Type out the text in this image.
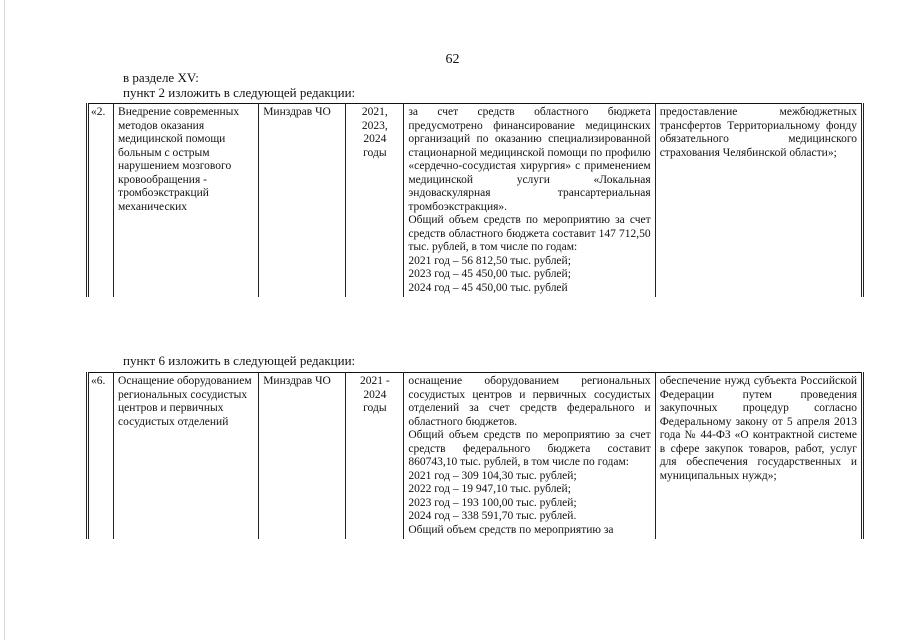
62
в разделе XV:
пункт 2 изложить в следующей редакции:
«2.	Внедрение современных методов оказания медицинской помощи больным с острым нарушением мозгового кровообращения - тромбоэкстракций механических	Минздрав ЧО	2021,
2023,
2024
годы
	за счет средств областного бюджета предусмотрено финансирование медицинских организаций по оказанию специализированной стационарной медицинской помощи по профилю «сердечно-сосудистая хирургия» с применением медицинской услуги «Локальная эндоваскулярная трансартериальная тромбоэкстракция».
Общий объем средств по мероприятию за счет средств областного бюджета составит 147 712,50 тыс. рублей, в том числе по годам:
2021 год – 56 812,50 тыс. рублей;
2023 год – 45 450,00 тыс. рублей;
2024 год – 45 450,00 тыс. рублей
	предоставление межбюджетных трансфертов Территориальному фонду обязательного медицинского страхования Челябинской области»;
пункт 6 изложить в следующей редакции:
«6.	Оснащение оборудованием региональных сосудистых центров и первичных сосудистых отделений	Минздрав ЧО	2021 -
2024
годы
	оснащение оборудованием региональных сосудистых центров и первичных сосудистых отделений за счет средств федерального и областного бюджетов.
Общий объем средств по мероприятию за счет средств федерального бюджета составит 860743,10 тыс. рублей, в том числе по годам:
2021 год – 309 104,30 тыс. рублей;
2022 год – 19 947,10 тыс. рублей;
2023 год – 193 100,00 тыс. рублей;
2024 год – 338 591,70 тыс. рублей.
Общий объем средств по мероприятию за
	обеспечение нужд субъекта Российской Федерации путем проведения закупочных процедур согласно Федеральному закону от 5 апреля 2013 года № 44-ФЗ «О контрактной системе в сфере закупок товаров, работ, услуг для обеспечения государственных и муниципальных нужд»;
